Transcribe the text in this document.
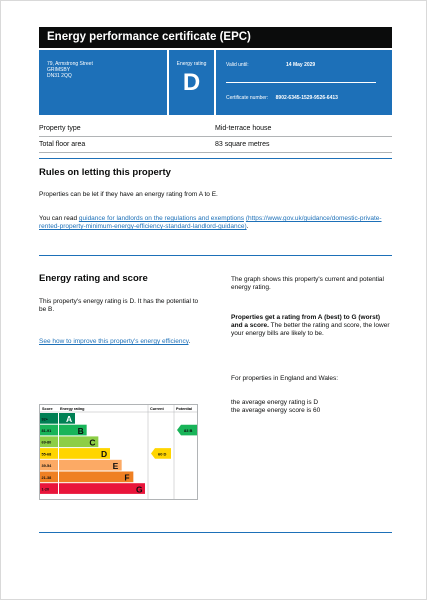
Energy performance certificate (EPC)
79, Armstrong Street
GRIMSBY
DN31 2QQ
Energy rating
D
Valid until:	14 May 2029
Certificate number: 8902-6345-1529-9526-6413
Property type	Mid-terrace house
Total floor area	83 square metres
Rules on letting this property
Properties can be let if they have an energy rating from A to E.
You can read guidance for landlords on the regulations and exemptions (https://www.gov.uk/guidance/domestic-private-rented-property-minimum-energy-efficiency-standard-landlord-guidance).
Energy rating and score
This property's energy rating is D. It has the potential to be B.
See how to improve this property's energy efficiency.
The graph shows this property's current and potential energy rating.
Properties get a rating from A (best) to G (worst) and a score. The better the rating and score, the lower your energy bills are likely to be.
For properties in England and Wales:
the average energy rating is D
the average energy score is 60
Score Energy rating	Current	Potential
92+ A
81-91	B
69-80	C
55-68	D
39-54	E
21-38	F
1-20	G
60 D
83 B
